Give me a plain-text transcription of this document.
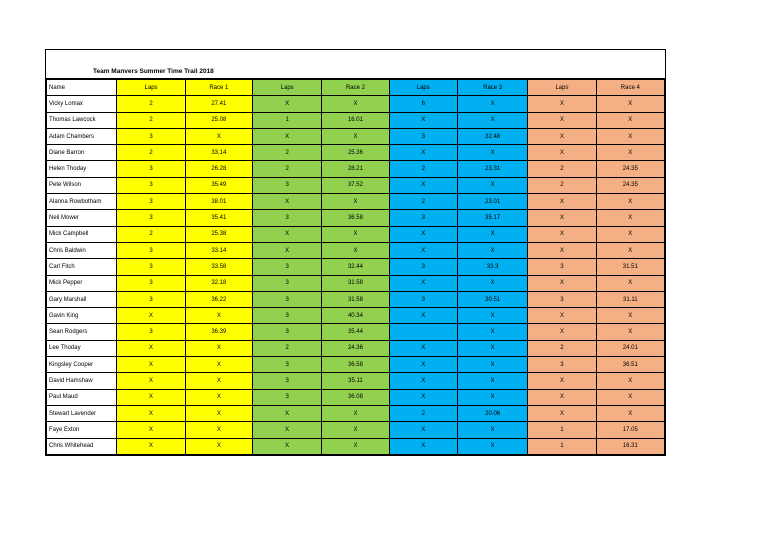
Team Manvers Summer Time Trail 2018
Name	Laps	Race 1	Laps	Race 2	Laps	Race 3	Laps	Race 4
Vicky Lomax	2	27.41	X	X	6	X	X	X
Thomas Lawcock	2	25.08	1	16.01	X	X	X	X
Adam Chambers	3	X	X	X	3	32.48	X	X
Diane Barron	2	33.14	2	25.36	X	X	X	X
Helen Thoday	3	26.28	2	28.21	2	23.31	2	24.35
Pete Wilson	3	35.49	3	37.52	X	X	2	24.35
Alanna Rowbotham	3	38.01	X	X	2	23.01	X	X
Neil Mower	3	35.41	3	36.58	3	35.17	X	X
Mick Campbell	2	25.38	X	X	X	X	X	X
Chris Baldwin	3	33.14	X	X	X	X	X	X
Carl Fitch	3	33.58	3	32.44	3	33.3	3	31.51
Mick Pepper	3	32.18	3	31.58	X	X	X	X
Gary Marshall	3	36.22	3	31.58	3	30.51	3	31.11
Gavin King	X	X	3	40.34	X	X	X	X
Sean Rodgers	3	36.39	3	35.44		X	X	X
Lee Thoday	X	X	2	24.36	X	X	2	24.01
Kingsley Cooper	X	X	3	36.58	X	X	3	36.51
David Hamshaw	X	X	3	35.11	X	X	X	X
Paul Maud	X	X	3	36.08	X	X	X	X
Stewart Lavender	X	X	X	X	2	20.06	X	X
Faye Exton	X	X	X	X	X	X	1	17.05
Chris Whitehead	X	X	X	X	X	X	1	16.31
